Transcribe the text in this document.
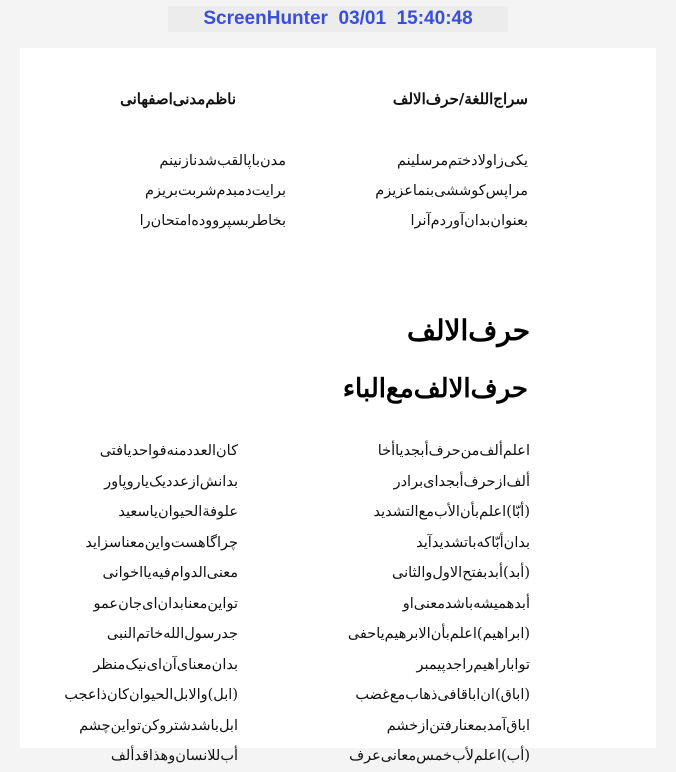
ScreenHunter  03/01  15:40:48
سراج‌اللغة/حرف‌الالف
ناظم‌مدنی‌اصفهانی
یکی‌زاولادختم‌مرسلینم
مراپس‌کوششی‌بنماعزیزم
بعنوان‌بدان‌آوردم‌آنرا
مدن‌باپالقب‌شدنازنینم
برایت‌دمبدم‌شربت‌بریزم
بخاطربسپرووده‌امتحان‌را
حرف‌الالف
حرف‌الالف‌مع‌الباء
اعلم‌ألف‌من‌حرف‌أبجدیاأخا
ألف‌ازحرف‌أبجدای‌برادر
(أبّا)اعلم‌بأن‌الأب‌مع‌التشدید
بدان‌أبّاکه‌باتشدیدآید
(أبد)أبدبفتح‌الاول‌والثانی
أبدهمیشه‌باشدمعنی‌او
(ابراهیم)اعلم‌بأن‌الابرهیم‌یاحفی
تواباراهیم‌راجدپیمبر
(اباق)ان‌اباقافی‌ذهاب‌مع‌غضب
اباق‌آمدبمعنارفتن‌ازخشم
(أب)اعلم‌لأب‌خمس‌معانی‌عرف
کان‌العددمنه‌فواحدیافتی
بدانش‌ازعددیک‌یاروپاور
علوفة‌الحیوان‌یاسعید
چراگاهست‌واین‌معناسزاید
معنی‌الدوام‌فیه‌یااخوانی
تواین‌معنابدان‌ای‌جان‌عمو
جدرسول‌الله‌خاتم‌النبی
بدان‌معنای‌آن‌ای‌نیک‌منظر
(ابل)والابل‌الحیوان‌کان‌ذاعجب
ابل‌باشدشتروکن‌تواین‌چشم
أب‌للانسان‌وهذاقدألف
